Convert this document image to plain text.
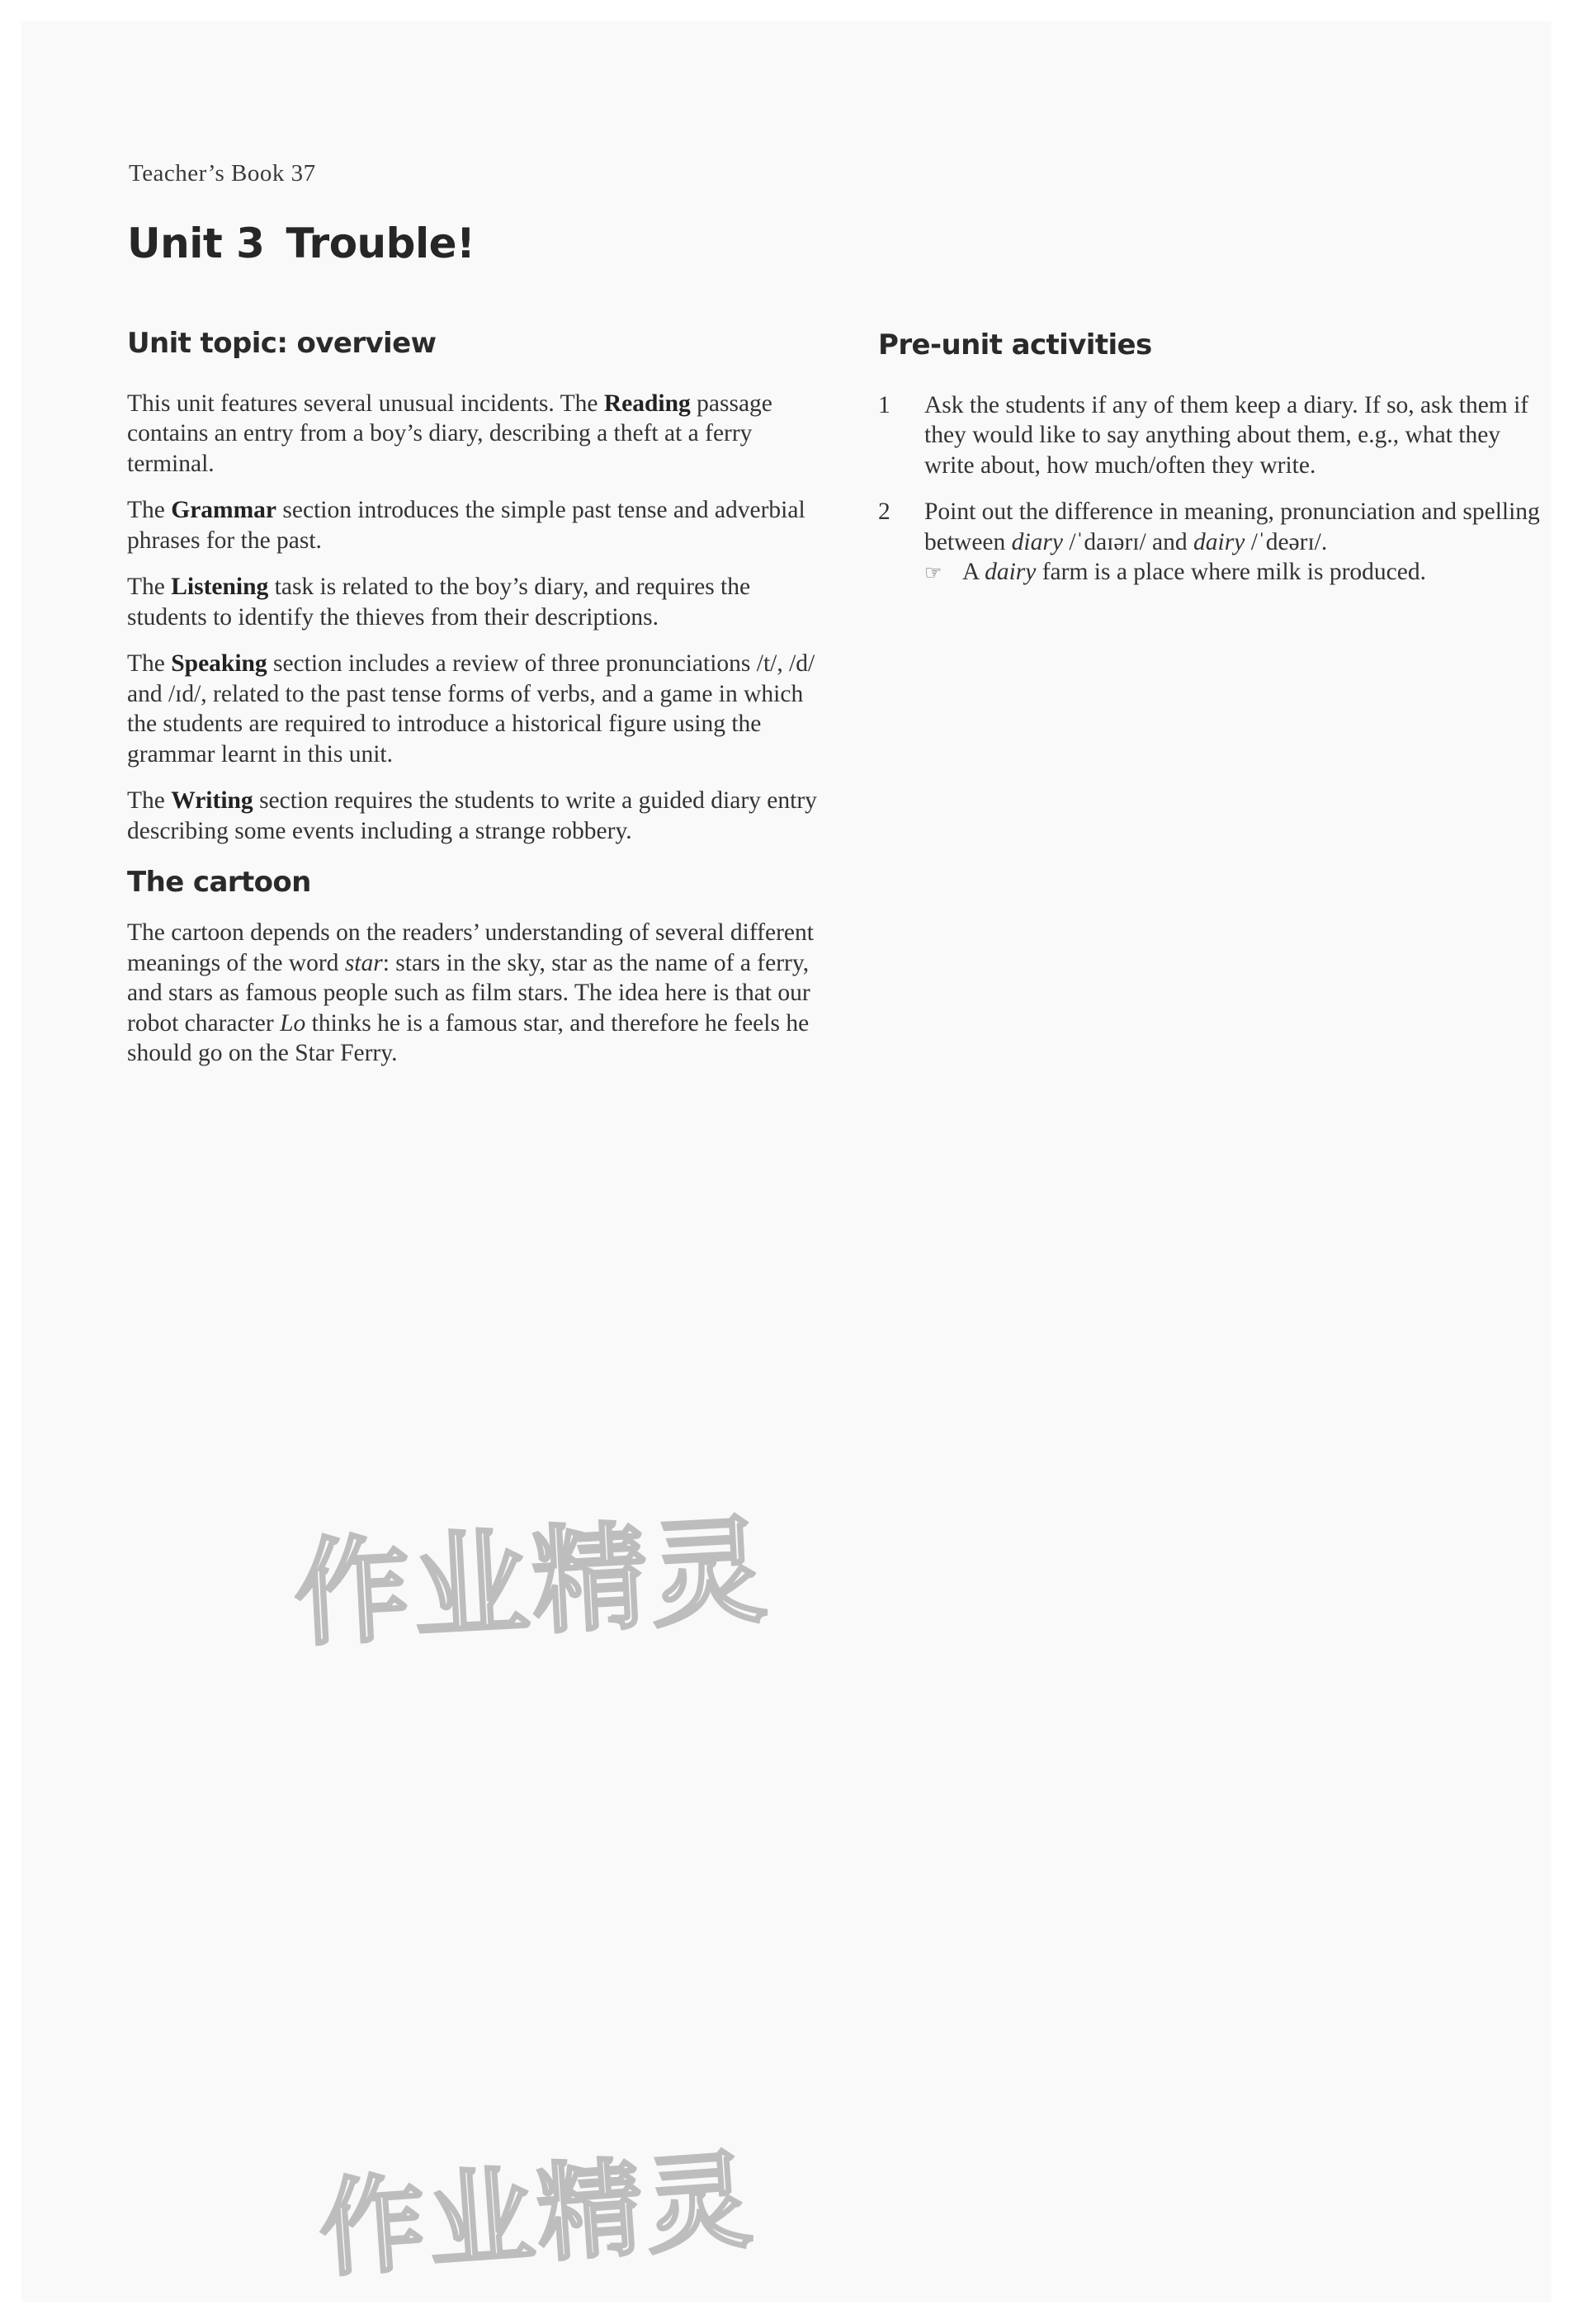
Teacher’s Book 37
Unit 3 Trouble!
Unit topic: overview

This unit features several unusual incidents. The Reading passage contains an entry from a boy’s diary, describing a theft at a ferry terminal.

The Grammar section introduces the simple past tense and adverbial phrases for the past.

The Listening task is related to the boy’s diary, and requires the students to identify the thieves from their descriptions.

The Speaking section includes a review of three pronunciations /t/, /d/ and /ɪd/, related to the past tense forms of verbs, and a game in which the students are required to introduce a historical figure using the grammar learnt in this unit.

The Writing section requires the students to write a guided diary entry describing some events including a strange robbery.

The cartoon

The cartoon depends on the readers’ understanding of several different meanings of the word star: stars in the sky, star as the name of a ferry, and stars as famous people such as film stars. The idea here is that our robot character Lo thinks he is a famous star, and therefore he feels he should go on the Star Ferry.

Pre-unit activities
1	Ask the students if any of them keep a diary. If so, ask them if they would like to say anything about them, e.g., what they write about, how much/often they write.
2	Point out the difference in meaning, pronunciation and spelling between diary /ˈdaɪərɪ/ and dairy /ˈdeərɪ/.
☞ A dairy farm is a place where milk is produced.
作业精灵
作业精灵
